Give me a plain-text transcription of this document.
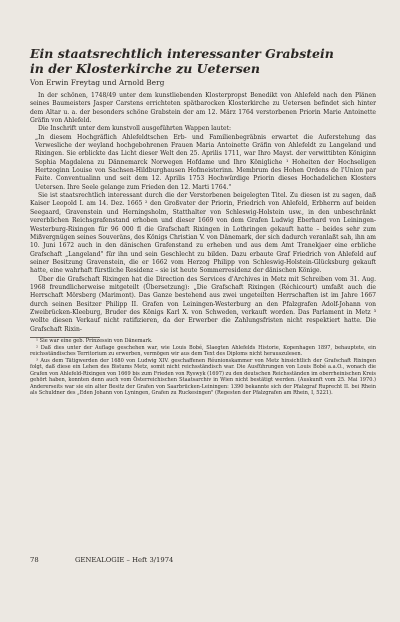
Ein staatsrechtlich interessanter Grabstein
in der Klosterkirche zu Uetersen
Von Erwin Freytag und Arnold Berg

In der schönen, 1748/49 unter dem kunstliebenden Klosterpropst Benedikt von Ahlefeld nach den Plänen seines Baumeisters Jasper Carstens errichteten spätbarocken Klosterkirche zu Uetersen befindet sich hinter dem Altar u. a. der besonders schöne Grabstein der am 12. März 1764 verstorbenen Priorin Marie Antoinette Gräfin von Ahlefeld.

Die Inschrift unter dem kunstvoll ausgeführten Wappen lautet:

„In diesem Hochgräflich Ahlefeldtschen Erb- und Familienbegräbnis erwartet die Auferstehung das Verwesliche der weyland hochgebohrenen Frauen Maria Antoinette Gräfin von Ahlefeldt zu Langeland und Rixingen. Sie erblickte das Licht dieser Welt den 25. Aprilis 1711, war Ihro Mayst. der verwittibten Königinn Sophia Magdalena zu Dännemarck Norwegen Hofdame und Ihro Königliche ¹ Hoheiten der Hochseligen Hertzoginn Louise von Sachsen-Hildburghausen Hofmeisterinn. Membrum des Hohen Ordens de l'Union par Faite. Conventualinn und seit dem 12. Aprilis 1753 Hochwürdige Priorin dieses Hochadelichen Klosters Uetersen. Ihre Seele gelange zum Frieden den 12. Marti 1764."

Sie ist staatsrechtlich interessant durch die der Verstorbenen beigelegten Titel. Zu diesen ist zu sagen, daß Kaiser Leopold I. am 14. Dez. 1665 ² den Großvater der Priorin, Friedrich von Ahlefeld, Erbherrn auf beiden Seegaard, Gravenstein und Herningsholm, Statthalter von Schleswig-Holstein usw., in den unbeschränkt vererblichen Reichsgrafenstand erhoben und dieser 1669 von dem Grafen Ludwig Eberhard von Leiningen-Westerburg-Rixingen für 96 000 fl die Grafschaft Rixingen in Lothringen gekauft hatte – beides sehr zum Mißvergnügen seines Souveräns, des Königs Christian V. von Dänemark, der sich dadurch veranlaßt sah, ihn am 10. Juni 1672 auch in den dänischen Grafenstand zu erheben und aus dem Amt Tranekjaer eine erbliche Grafschaft „Langeland" für ihn und sein Geschlecht zu bilden. Dazu erbaute Graf Friedrich von Ahlefeld auf seiner Besitzung Gravenstein, die er 1662 vom Herzog Philipp von Schleswig-Holstein-Glücksburg gekauft hatte, eine wahrhaft fürstliche Residenz – sie ist heute Sommerresidenz der dänischen Könige.

Über die Grafschaft Rixingen hat die Direction des Services d'Archives in Metz mit Schreiben vom 31. Aug. 1968 freundlicherweise mitgeteilt (Übersetzung): „Die Grafschaft Rixingen (Réchicourt) umfaßt auch die Herrschaft Mörsberg (Marimont). Das Ganze bestehend aus zwei ungeteilten Herrschaften ist im Jahre 1667 durch seinen Besitzer Philipp II. Grafen von Leiningen-Westerburg an den Pfalzgrafen Adolf-Johann von Zweibrücken-Kleeburg, Bruder des Königs Karl X. von Schweden, verkauft worden. Das Parlament in Metz ³ wollte diesen Verkauf nicht ratifizieren, da der Erwerber die Zahlungsfristen nicht respektiert hatte. Die Grafschaft Rixin-

¹ Sie war eine geb. Prinzessin von Dänemark.

² Daß dies unter der Auflage geschehen war, wie Louis Bobé, Slaegten Ahlefelds Historie, Kopenhagen 1897, behauptete, ein reichsständisches Territorium zu erwerben, vermögen wir aus dem Text des Diploms nicht herauszulesen.

³ Aus dem Tätigwerden der 1680 von Ludwig XIV. geschaffenen Réunionskammer von Metz hinsichtlich der Grafschaft Rixingen folgt, daß diese ein Lehen des Bistums Metz, somit nicht reichsständisch war. Die Ausführungen von Louis Bobé a.a.O., wonach die Grafen von Ahlefeld-Rixingen von 1669 bis zum Frieden von Ryswyk (1697) zu den deutschen Reichsständen im oberrheinischen Kreis gehört haben, konnten denn auch vom Österreichischen Staatsarchiv in Wien nicht bestätigt werden. (Auskunft vom 25. Mai 1970.) Andererseits war sie ein alter Besitz der Grafen von Saarbrücken-Leiningen: 1390 bekannte sich der Pfalzgraf Ruprecht II. bei Rhein als Schuldner des „Eden Johann von Lyningen, Grafen zu Ruckesingen" (Regesten der Pfalzgrafen am Rhein, I, 5221).

78	GENEALOGIE – Heft 3/1974
